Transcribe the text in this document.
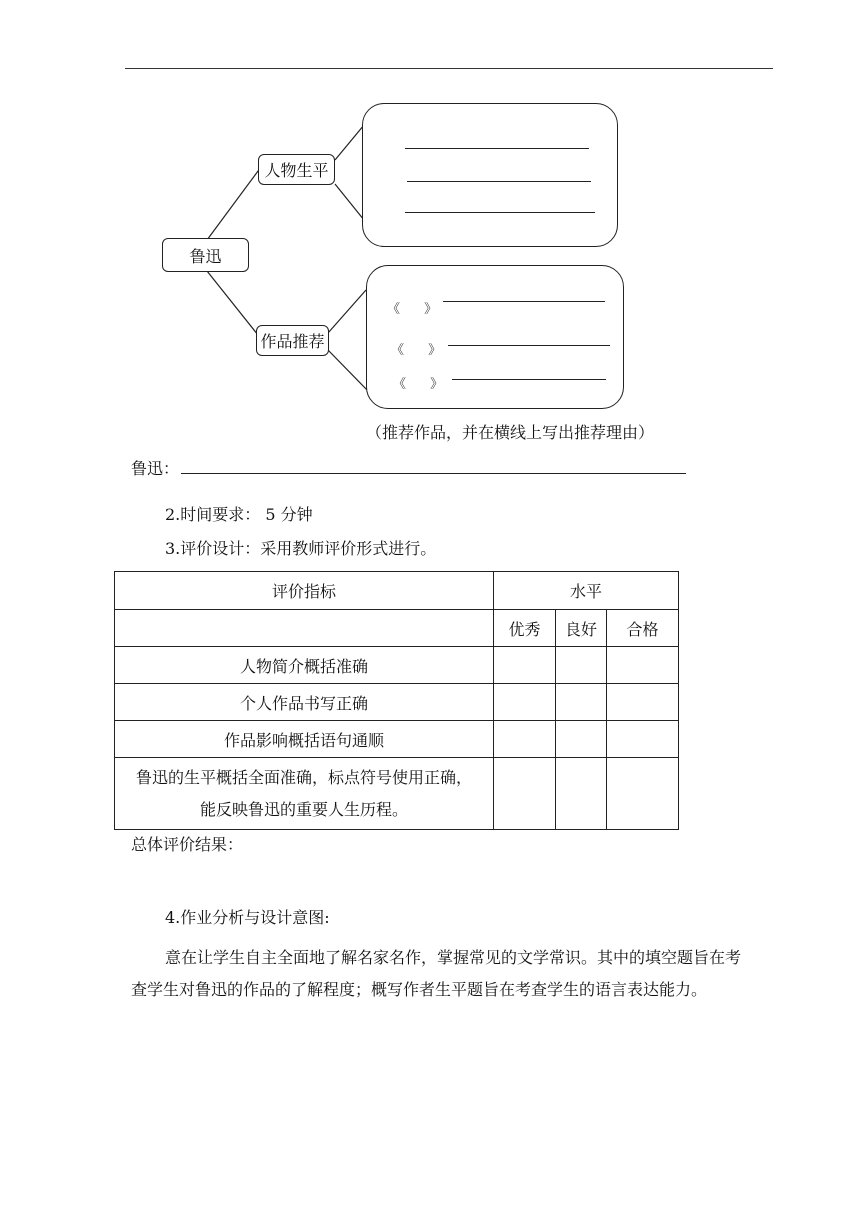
鲁迅
人物生平
作品推荐
《 》
《 》
《 》
（推荐作品，并在横线上写出推荐理由）
鲁迅：
2.时间要求： 5 分钟
3.评价设计：采用教师评价形式进行。
评价指标	水平		
	优秀	良好	合格
人物简介概括准确			
个人作品书写正确			
作品影响概括语句通顺			

鲁迅的生平概括全面准确，标点符号使用正确，
能反映鲁迅的重要人生历程。			

总体评价结果：
4.作业分析与设计意图:
意在让学生自主全面地了解名家名作，掌握常见的文学常识。其中的填空题旨在考查学生对鲁迅的作品的了解程度；概写作者生平题旨在考查学生的语言表达能力。
